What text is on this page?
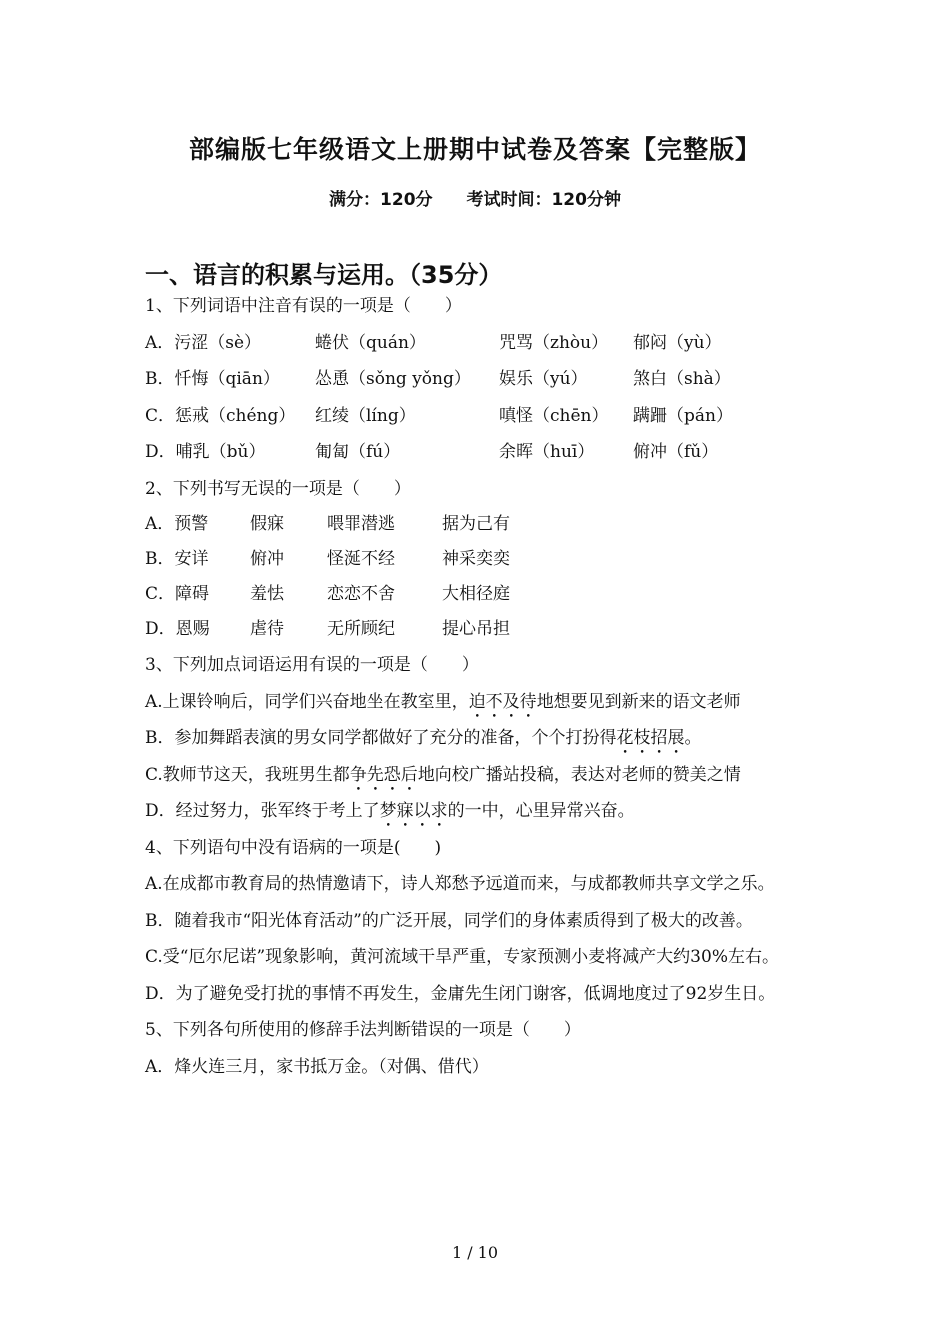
部编版七年级语文上册期中试卷及答案【完整版】
满分：120分 考试时间：120分钟
一、语言的积累与运用。（35分）
1、下列词语中注音有误的一项是（　　）
A．污涩（sè）	蜷伏（quán）	咒骂（zhòu） 郁闷（yù）
B．忏悔（qiān） 怂恿（sǒng yǒng） 娱乐（yú）	煞白（shà）
C．惩戒（chéng） 红绫（líng）	嗔怪（chēn） 蹒跚（pán）
D．哺乳（bǔ）	匍匐（fú）	余晖（huī） 俯冲（fǔ）
2、下列书写无误的一项是（　　）
A．预警 假寐	喂罪潜逃	据为己有
B．安详 俯冲	怪涎不经	神采奕奕
C．障碍 羞怯	恋恋不舍	大相径庭
D．恩赐 虐待	无所顾纪	提心吊担
3、下列加点词语运用有误的一项是（　　）
A.上课铃响后，同学们兴奋地坐在教室里，迫不及待地想要见到新来的语文老师
B．参加舞蹈表演的男女同学都做好了充分的准备，个个打扮得花枝招展。
C.教师节这天，我班男生都争先恐后地向校广播站投稿，表达对老师的赞美之情
D．经过努力，张军终于考上了梦寐以求的一中，心里异常兴奋。
4、下列语句中没有语病的一项是(　　)
A.在成都市教育局的热情邀请下，诗人郑愁予远道而来，与成都教师共享文学之乐。
B．随着我市“阳光体育活动”的广泛开展，同学们的身体素质得到了极大的改善。
C.受“厄尔尼诺”现象影响，黄河流域干旱严重，专家预测小麦将减产大约30%左右。
D．为了避免受打扰的事情不再发生，金庸先生闭门谢客，低调地度过了92岁生日。
5、下列各句所使用的修辞手法判断错误的一项是（　　）
A．烽火连三月，家书抵万金。（对偶、借代）
1 / 10
